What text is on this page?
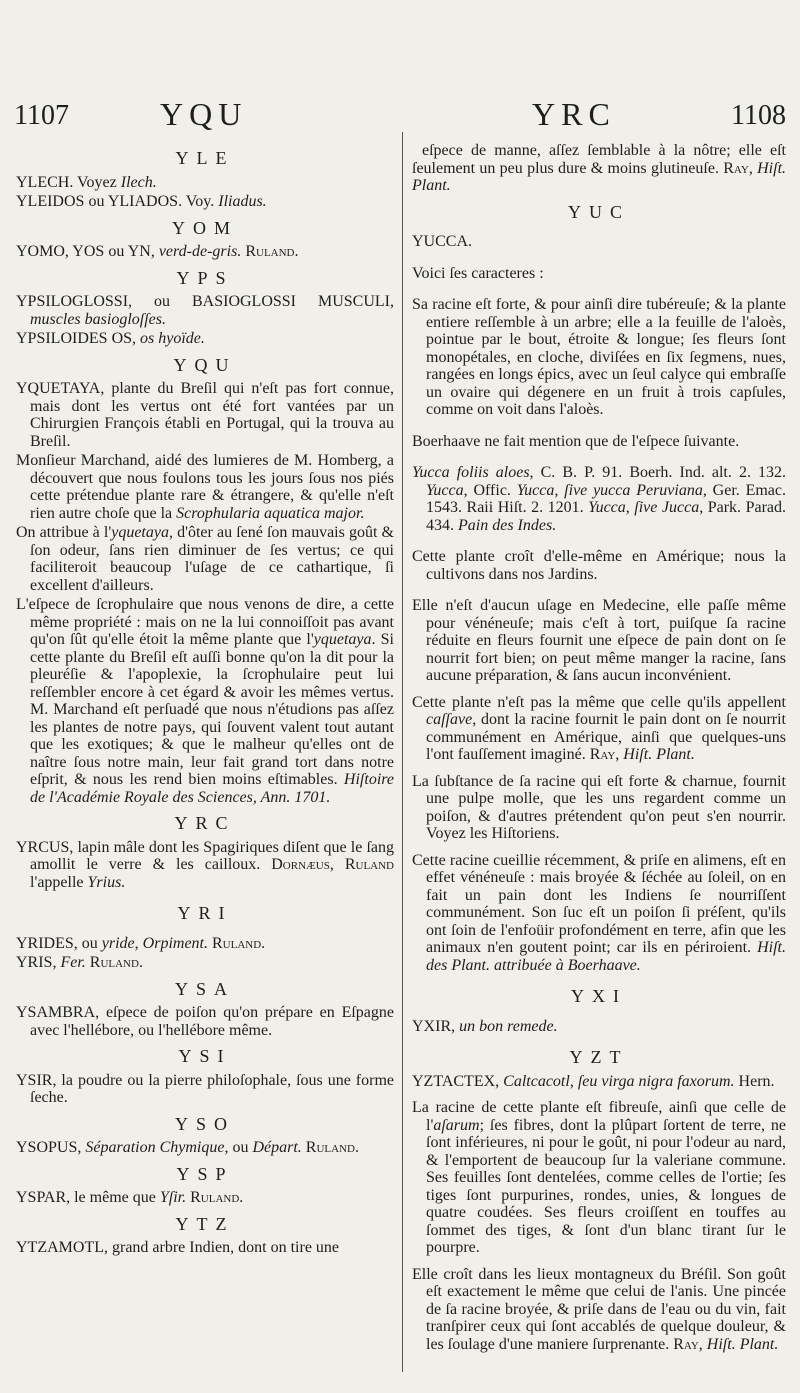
1107	YQU	YRC	1108
YLE

YLECH. Voyez Ilech.

YLEIDOS ou YLIADOS. Voy. Iliadus.

YOM

YOMO, YOS ou YN, verd-de-gris. Ruland.

YPS

YPSILOGLOSSI, ou BASIOGLOSSI MUSCULI, muscles basiogloſſes.

YPSILOIDES OS, os hyoïde.

YQU

YQUETAYA, plante du Breſil qui n'eſt pas fort connue, mais dont les vertus ont été fort vantées par un Chirurgien François établi en Portugal, qui la trouva au Breſil.

Monſieur Marchand, aidé des lumieres de M. Homberg, a découvert que nous foulons tous les jours ſous nos piés cette prétendue plante rare & étrangere, & qu'elle n'eſt rien autre choſe que la Scrophularia aquatica major.

On attribue à l'yquetaya, d'ôter au ſené ſon mauvais goût & ſon odeur, ſans rien diminuer de ſes vertus; ce qui faciliteroit beaucoup l'uſage de ce cathartique, ſi excellent d'ailleurs.

L'eſpece de ſcrophulaire que nous venons de dire, a cette même propriété : mais on ne la lui connoiſſoit pas avant qu'on ſût qu'elle étoit la même plante que l'yquetaya. Si cette plante du Breſil eſt auſſi bonne qu'on la dit pour la pleuréſie & l'apoplexie, la ſcrophulaire peut lui reſſembler encore à cet égard & avoir les mêmes vertus. M. Marchand eſt perſuadé que nous n'étudions pas aſſez les plantes de notre pays, qui ſouvent valent tout autant que les exotiques; & que le malheur qu'elles ont de naître ſous notre main, leur fait grand tort dans notre eſprit, & nous les rend bien moins eſtimables. Hiſtoire de l'Académie Royale des Sciences, Ann. 1701.

YRC

YRCUS, lapin mâle dont les Spagiriques diſent que le ſang amollit le verre & les cailloux. Dornæus, Ruland l'appelle Yrius.

YRI

YRIDES, ou yride, Orpiment. Ruland.

YRIS, Fer. Ruland.

YSA

YSAMBRA, eſpece de poiſon qu'on prépare en Eſpagne avec l'hellébore, ou l'hellébore même.

YSI

YSIR, la poudre ou la pierre philoſophale, ſous une forme ſeche.

YSO

YSOPUS, Séparation Chymique, ou Départ. Ruland.

YSP

YSPAR, le même que Yſir. Ruland.

YTZ

YTZAMOTL, grand arbre Indien, dont on tire une

eſpece de manne, aſſez ſemblable à la nôtre; elle eſt ſeulement un peu plus dure & moins glutineuſe. Ray, Hiſt. Plant.

YUC

YUCCA.

Voici ſes caracteres :

Sa racine eſt forte, & pour ainſi dire tubéreuſe; & la plante entiere reſſemble à un arbre; elle a la feuille de l'aloès, pointue par le bout, étroite & longue; ſes fleurs ſont monopétales, en cloche, diviſées en ſix ſegmens, nues, rangées en longs épics, avec un ſeul calyce qui embraſſe un ovaire qui dégenere en un fruit à trois capſules, comme on voit dans l'aloès.

Boerhaave ne fait mention que de l'eſpece ſuivante.

Yucca foliis aloes, C. B. P. 91. Boerh. Ind. alt. 2. 132. Yucca, Offic. Yucca, ſive yucca Peruviana, Ger. Emac. 1543. Raii Hiſt. 2. 1201. Yucca, ſive Jucca, Park. Parad. 434. Pain des Indes.

Cette plante croît d'elle-même en Amérique; nous la cultivons dans nos Jardins.

Elle n'eſt d'aucun uſage en Medecine, elle paſſe même pour vénéneuſe; mais c'eſt à tort, puiſque ſa racine réduite en fleurs fournit une eſpece de pain dont on ſe nourrit fort bien; on peut même manger la racine, ſans aucune préparation, & ſans aucun inconvénient.

Cette plante n'eſt pas la même que celle qu'ils appellent caſſave, dont la racine fournit le pain dont on ſe nourrit communément en Amérique, ainſi que quelques-uns l'ont fauſſement imaginé. Ray, Hiſt. Plant.

La ſubſtance de ſa racine qui eſt forte & charnue, fournit une pulpe molle, que les uns regardent comme un poiſon, & d'autres prétendent qu'on peut s'en nourrir. Voyez les Hiſtoriens.

Cette racine cueillie récemment, & priſe en alimens, eſt en effet vénéneuſe : mais broyée & ſéchée au ſoleil, on en fait un pain dont les Indiens ſe nourriſſent communément. Son ſuc eſt un poiſon ſi préſent, qu'ils ont ſoin de l'enfoüir profondément en terre, afin que les animaux n'en goutent point; car ils en périroient. Hiſt. des Plant. attribuée à Boerhaave.

YXI

YXIR, un bon remede.

YZT

YZTACTEX, Caltcacotl, ſeu virga nigra faxorum. Hern.

La racine de cette plante eſt fibreuſe, ainſi que celle de l'aſarum; ſes fibres, dont la plûpart ſortent de terre, ne ſont inférieures, ni pour le goût, ni pour l'odeur au nard, & l'emportent de beaucoup ſur la valeriane commune. Ses feuilles ſont dentelées, comme celles de l'ortie; ſes tiges ſont purpurines, rondes, unies, & longues de quatre coudées. Ses fleurs croiſſent en touffes au ſommet des tiges, & ſont d'un blanc tirant ſur le pourpre.

Elle croît dans les lieux montagneux du Bréſil. Son goût eſt exactement le même que celui de l'anis. Une pincée de ſa racine broyée, & priſe dans de l'eau ou du vin, fait tranſpirer ceux qui ſont accablés de quelque douleur, & les ſoulage d'une maniere ſurprenante. Ray, Hiſt. Plant.
